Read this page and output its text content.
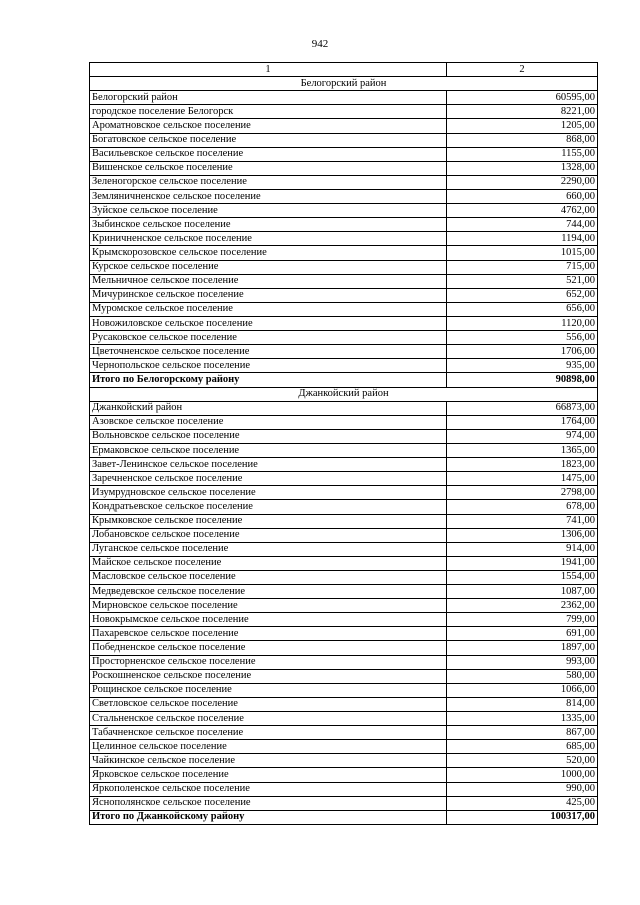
942
1	2
Белогорский район	
Белогорский район	60595,00
городское поселение Белогорск	8221,00
Ароматновское сельское поселение	1205,00
Богатовское сельское поселение	868,00
Васильевское сельское поселение	1155,00
Вишенское сельское поселение	1328,00
Зеленогорское сельское поселение	2290,00
Земляничненское сельское поселение	660,00
Зуйское сельское поселение	4762,00
Зыбинское сельское поселение	744,00
Криничненское сельское поселение	1194,00
Крымскорозовское сельское поселение	1015,00
Курское сельское поселение	715,00
Мельничное сельское поселение	521,00
Мичуринское сельское поселение	652,00
Муромское сельское поселение	656,00
Новожиловское сельское поселение	1120,00
Русаковское сельское поселение	556,00
Цветочненское сельское поселение	1706,00
Чернопольское сельское поселение	935,00
Итого по Белогорскому району	90898,00
Джанкойский район	
Джанкойский район	66873,00
Азовское сельское поселение	1764,00
Вольновское сельское поселение	974,00
Ермаковское сельское поселение	1365,00
Завет-Ленинское сельское поселение	1823,00
Заречненское сельское поселение	1475,00
Изумрудновское сельское поселение	2798,00
Кондратьевское сельское поселение	678,00
Крымковское сельское поселение	741,00
Лобановское сельское поселение	1306,00
Луганское сельское поселение	914,00
Майское сельское поселение	1941,00
Масловское сельское поселение	1554,00
Медведевское сельское поселение	1087,00
Мирновское сельское поселение	2362,00
Новокрымское сельское поселение	799,00
Пахаревское сельское поселение	691,00
Победненское сельское поселение	1897,00
Просторненское сельское поселение	993,00
Роскошненское сельское поселение	580,00
Рощинское сельское поселение	1066,00
Светловское сельское поселение	814,00
Стальненское сельское поселение	1335,00
Табачненское сельское поселение	867,00
Целинное сельское поселение	685,00
Чайкинское сельское поселение	520,00
Ярковское сельское поселение	1000,00
Яркополенское сельское поселение	990,00
Яснополянское сельское поселение	425,00
Итого по Джанкойскому району	100317,00
